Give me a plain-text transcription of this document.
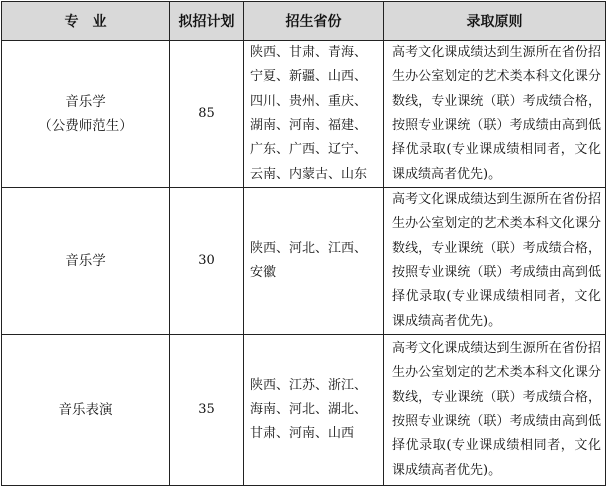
专　业	拟招计划	招生省份	录取原则
音乐学
（公费师范生）	85	陕西、甘肃、青海、宁夏、新疆、山西、四川、贵州、重庆、湖南、河南、福建、广东、广西、辽宁、云南、内蒙古、山东	高考文化课成绩达到生源所在省份招生办公室划定的艺术类本科文化课分数线，专业课统（联）考成绩合格，按照专业课统（联）考成绩由高到低择优录取(专业课成绩相同者，文化课成绩高者优先)。
音乐学	30	陕西、河北、江西、安徽	高考文化课成绩达到生源所在省份招生办公室划定的艺术类本科文化课分数线，专业课统（联）考成绩合格，按照专业课统（联）考成绩由高到低择优录取(专业课成绩相同者，文化课成绩高者优先)。
音乐表演	35	陕西、江苏、浙江、海南、河北、湖北、甘肃、河南、山西	高考文化课成绩达到生源所在省份招生办公室划定的艺术类本科文化课分数线，专业课统（联）考成绩合格，按照专业课统（联）考成绩由高到低择优录取(专业课成绩相同者，文化课成绩高者优先)。
